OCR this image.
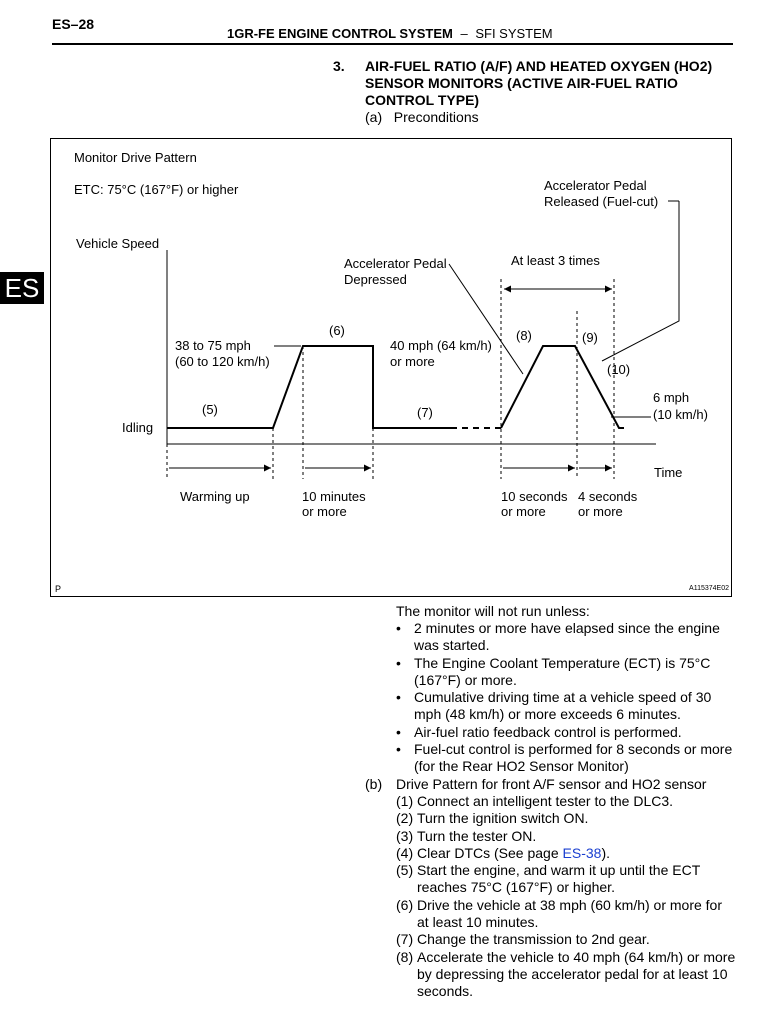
ES–28
1GR-FE ENGINE CONTROL SYSTEM – SFI SYSTEM
ES
3. AIR-FUEL RATIO (A/F) AND HEATED OXYGEN (HO2) SENSOR MONITORS (ACTIVE AIR-FUEL RATIO CONTROL TYPE)
(a)   Preconditions
Monitor Drive Pattern
ETC: 75°C (167°F) or higher
Vehicle Speed
38 to 75 mph
(60 to 120 km/h)
40 mph (64 km/h)
or more
6 mph
(10 km/h)
Idling
Accelerator Pedal
Depressed
Accelerator Pedal
Released (Fuel-cut)
At least 3 times
(5)
(6)
(7)
(8)	(9)
(10)
Time
Warming up	10 minutes
or more
10 seconds
or more
4 seconds
or more
P	A115374E02
The monitor will not run unless:
• 2 minutes or more have elapsed since the engine was started.
• The Engine Coolant Temperature (ECT) is 75°C (167°F) or more.
• Cumulative driving time at a vehicle speed of 30 mph (48 km/h) or more exceeds 6 minutes.
• Air-fuel ratio feedback control is performed.
• Fuel-cut control is performed for 8 seconds or more (for the Rear HO2 Sensor Monitor)
(b) Drive Pattern for front A/F sensor and HO2 sensor
(1) Connect an intelligent tester to the DLC3.
(2) Turn the ignition switch ON.
(3) Turn the tester ON.
(4) Clear DTCs (See page ES-38).
(5) Start the engine, and warm it up until the ECT reaches 75°C (167°F) or higher.
(6) Drive the vehicle at 38 mph (60 km/h) or more for at least 10 minutes.
(7) Change the transmission to 2nd gear.
(8) Accelerate the vehicle to 40 mph (64 km/h) or more by depressing the accelerator pedal for at least 10 seconds.
